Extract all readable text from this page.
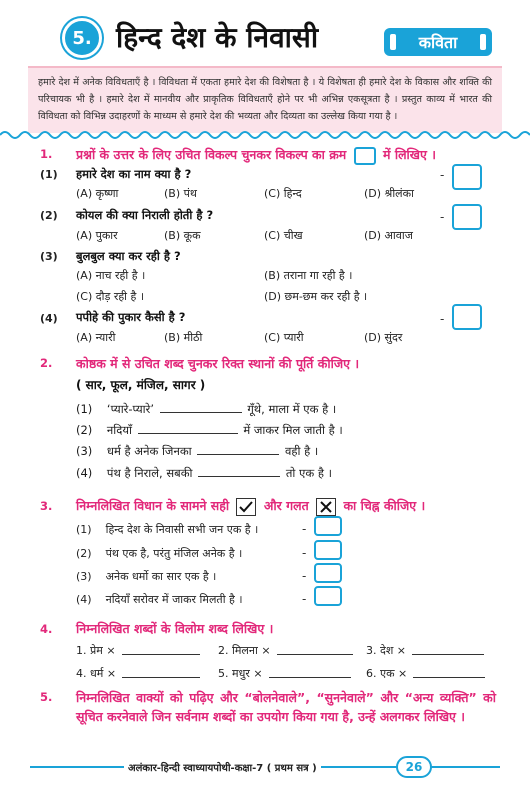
5. हिन्द देश के निवासी	कविता
हमारे देश में अनेक विविधताएँ है । विविधता में एकता हमारे देश की विशेषता है । ये विशेषता ही हमारे देश के विकास और शक्ति की परिचायक भी है । हमारे देश में मानवीय और प्राकृतिक विविधताएँ होने पर भी अभिन्न एकसूत्रता है । प्रस्तुत काव्य में भारत की विविधता को विभिन्न उदाहरणों के माध्यम से हमारे देश की भव्यता और दिव्यता का उल्लेख किया गया है ।
1. प्रश्नों के उत्तर के लिए उचित विकल्प चुनकर विकल्प का क्रम	में लिखिए ।
(1) हमारे देश का नाम क्या है ?
(A) कृष्णा	(B) पंथ	(C) हिन्द	(D) श्रीलंका
-
(2) कोयल की क्या निराली होती है ?
(A) पुकार	(B) कूक	(C) चीख	(D) आवाज
-
(3) बुलबुल क्या कर रही है ?
(A) नाच रही है ।	(B) तराना गा रही है ।
(C) दौड़ रही है ।	(D) छम-छम कर रही है ।
(4) पपीहे की पुकार कैसी है ?
(A) न्यारी	(B) मीठी	(C) प्यारी	(D) सुंदर
-
2. कोष्ठक में से उचित शब्द चुनकर रिक्त स्थानों की पूर्ति कीजिए ।
( सार, फूल, मंजिल, सागर )
(1) ‘प्यारे-प्यारे’	गूँथे, माला में एक है ।
(2) नदियाँ	में जाकर मिल जाती है ।
(3) धर्म है अनेक जिनका	वही है ।
(4) पंथ है निराले, सबकी	तो एक है ।
3. निम्नलिखित विधान के सामने सही	और गलत	का चिह्न कीजिए ।
(1) हिन्द देश के निवासी सभी जन एक है ।	-
(2) पंथ एक है, परंतु मंजिल अनेक है ।	-
(3) अनेक धर्मो का सार एक है ।	-
(4) नदियाँ सरोवर में जाकर मिलती है ।	-
4. निम्नलिखित शब्दों के विलोम शब्द लिखिए ।
1. प्रेम ×	2. मिलना ×	3. देश ×
4. धर्म ×	5. मधुर ×	6. एक ×
5. निम्नलिखित वाक्यों को पढ़िए और “बोलनेवाले”, “सुननेवाले” और “अन्य व्यक्ति” को सूचित करनेवाले जिन सर्वनाम शब्दों का उपयोग किया गया है, उन्हें अलगकर लिखिए ।
अलंकार-हिन्दी स्वाध्यायपोथी-कक्षा-7 ( प्रथम सत्र )	26
